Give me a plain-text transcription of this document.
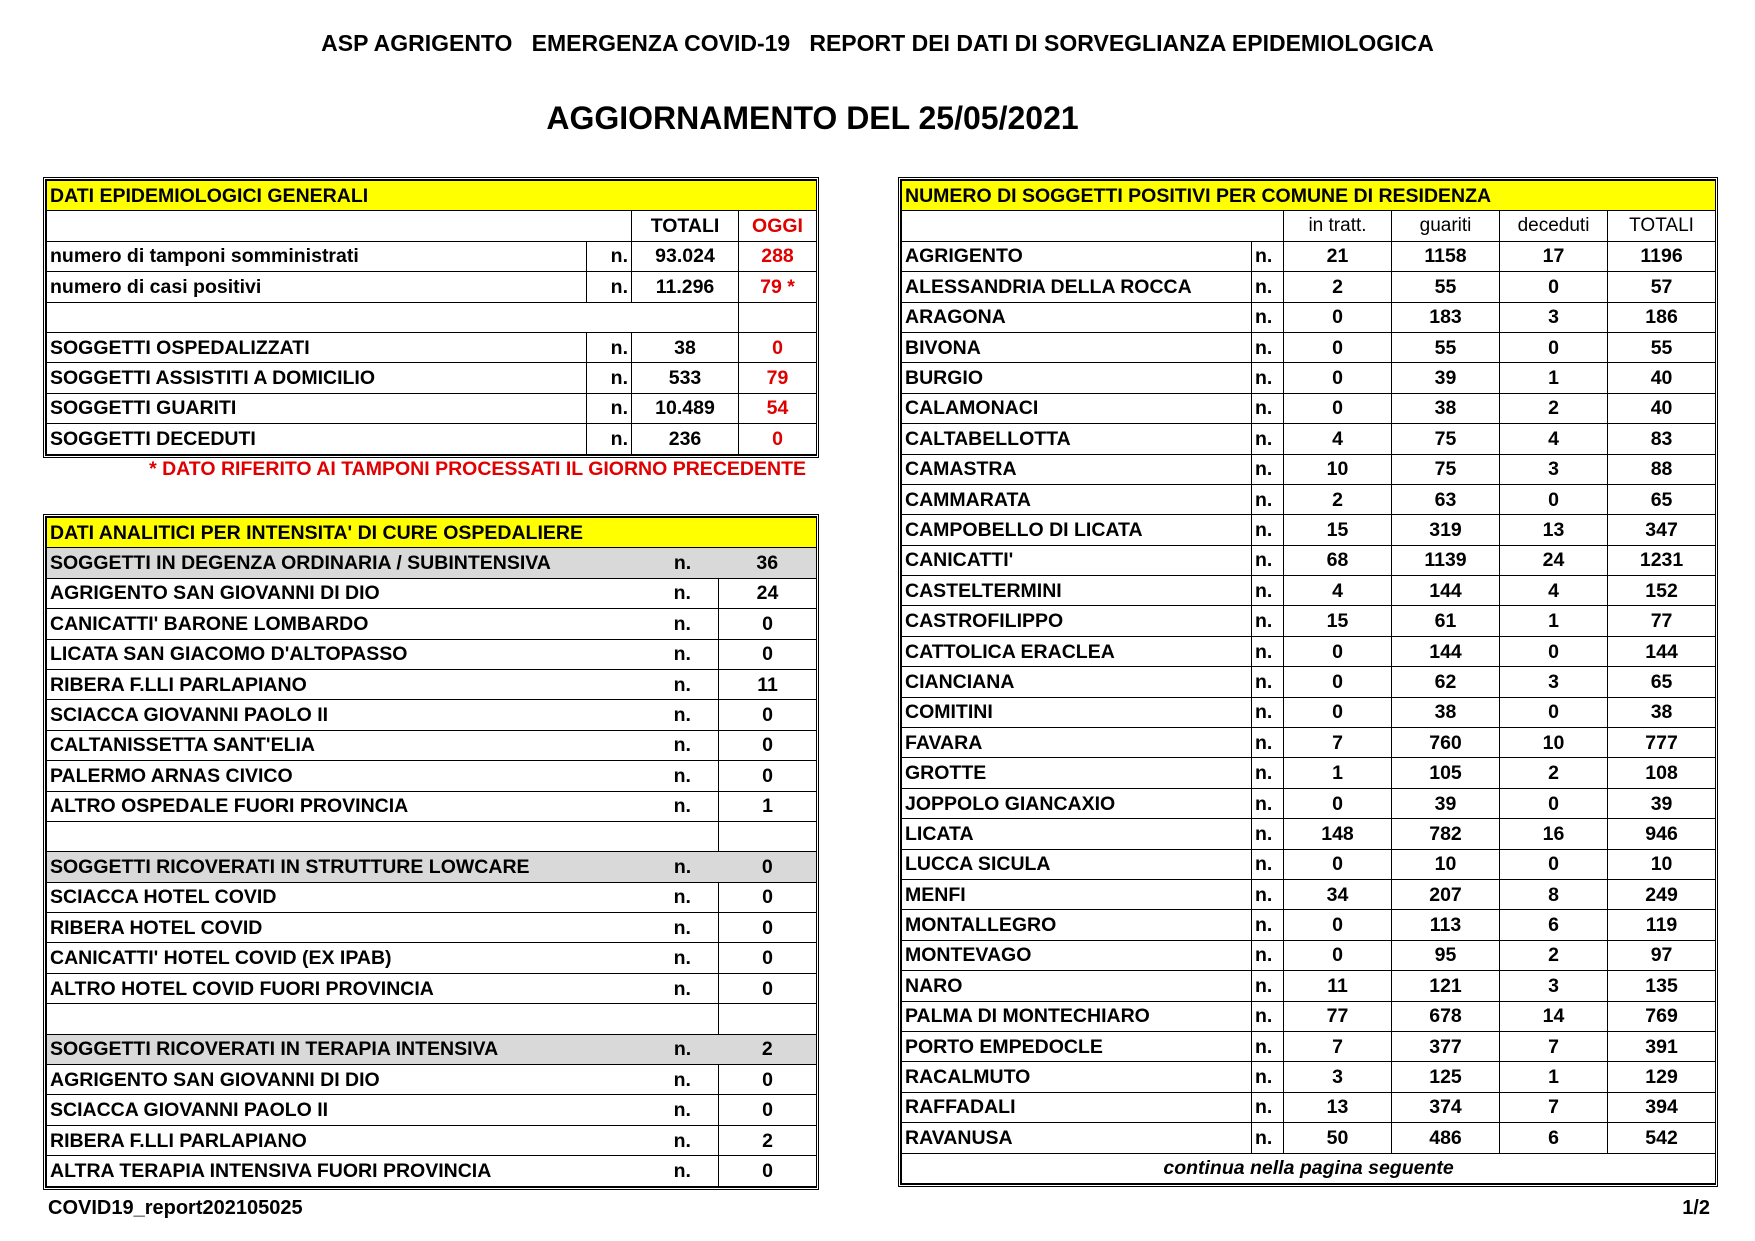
ASP AGRIGENTO   EMERGENZA COVID-19   REPORT DEI DATI DI SORVEGLIANZA EPIDEMIOLOGICA
AGGIORNAMENTO DEL 25/05/2021
DATI EPIDEMIOLOGICI GENERALI			
		TOTALI	OGGI
numero di tamponi somministrati	n.	93.024	288
numero di casi positivi	n.	11.296	79 *

SOGGETTI OSPEDALIZZATI	n.	38	0
SOGGETTI ASSISTITI A DOMICILIO	n.	533	79
SOGGETTI GUARITI	n.	10.489	54
SOGGETTI DECEDUTI	n.	236	0
* DATO RIFERITO AI TAMPONI PROCESSATI IL GIORNO PRECEDENTE
DATI ANALITICI PER INTENSITA' DI CURE OSPEDALIERE		
SOGGETTI IN DEGENZA ORDINARIA / SUBINTENSIVA	n.	36
AGRIGENTO SAN GIOVANNI DI DIO	n.	24
CANICATTI' BARONE LOMBARDO	n.	0
LICATA SAN GIACOMO D'ALTOPASSO	n.	0
RIBERA F.LLI PARLAPIANO	n.	11
SCIACCA GIOVANNI PAOLO II	n.	0
CALTANISSETTA SANT'ELIA	n.	0
PALERMO ARNAS CIVICO	n.	0
ALTRO OSPEDALE FUORI PROVINCIA	n.	1

SOGGETTI RICOVERATI IN STRUTTURE LOWCARE	n.	0
SCIACCA HOTEL COVID	n.	0
RIBERA HOTEL COVID	n.	0
CANICATTI' HOTEL COVID (EX IPAB)	n.	0
ALTRO HOTEL COVID FUORI PROVINCIA	n.	0

SOGGETTI RICOVERATI IN TERAPIA INTENSIVA	n.	2
AGRIGENTO SAN GIOVANNI DI DIO	n.	0
SCIACCA GIOVANNI PAOLO II	n.	0
RIBERA F.LLI PARLAPIANO	n.	2
ALTRA TERAPIA INTENSIVA FUORI PROVINCIA	n.	0
NUMERO DI SOGGETTI POSITIVI PER COMUNE DI RESIDENZA					
		in tratt.	guariti	deceduti	TOTALI
AGRIGENTO	n.	21	1158	17	1196
ALESSANDRIA DELLA ROCCA	n.	2	55	0	57
ARAGONA	n.	0	183	3	186
BIVONA	n.	0	55	0	55
BURGIO	n.	0	39	1	40
CALAMONACI	n.	0	38	2	40
CALTABELLOTTA	n.	4	75	4	83
CAMASTRA	n.	10	75	3	88
CAMMARATA	n.	2	63	0	65
CAMPOBELLO DI LICATA	n.	15	319	13	347
CANICATTI'	n.	68	1139	24	1231
CASTELTERMINI	n.	4	144	4	152
CASTROFILIPPO	n.	15	61	1	77
CATTOLICA ERACLEA	n.	0	144	0	144
CIANCIANA	n.	0	62	3	65
COMITINI	n.	0	38	0	38
FAVARA	n.	7	760	10	777
GROTTE	n.	1	105	2	108
JOPPOLO GIANCAXIO	n.	0	39	0	39
LICATA	n.	148	782	16	946
LUCCA SICULA	n.	0	10	0	10
MENFI	n.	34	207	8	249
MONTALLEGRO	n.	0	113	6	119
MONTEVAGO	n.	0	95	2	97
NARO	n.	11	121	3	135
PALMA DI MONTECHIARO	n.	77	678	14	769
PORTO EMPEDOCLE	n.	7	377	7	391
RACALMUTO	n.	3	125	1	129
RAFFADALI	n.	13	374	7	394
RAVANUSA	n.	50	486	6	542
continua nella pagina seguente					
COVID19_report202105025	1/2
